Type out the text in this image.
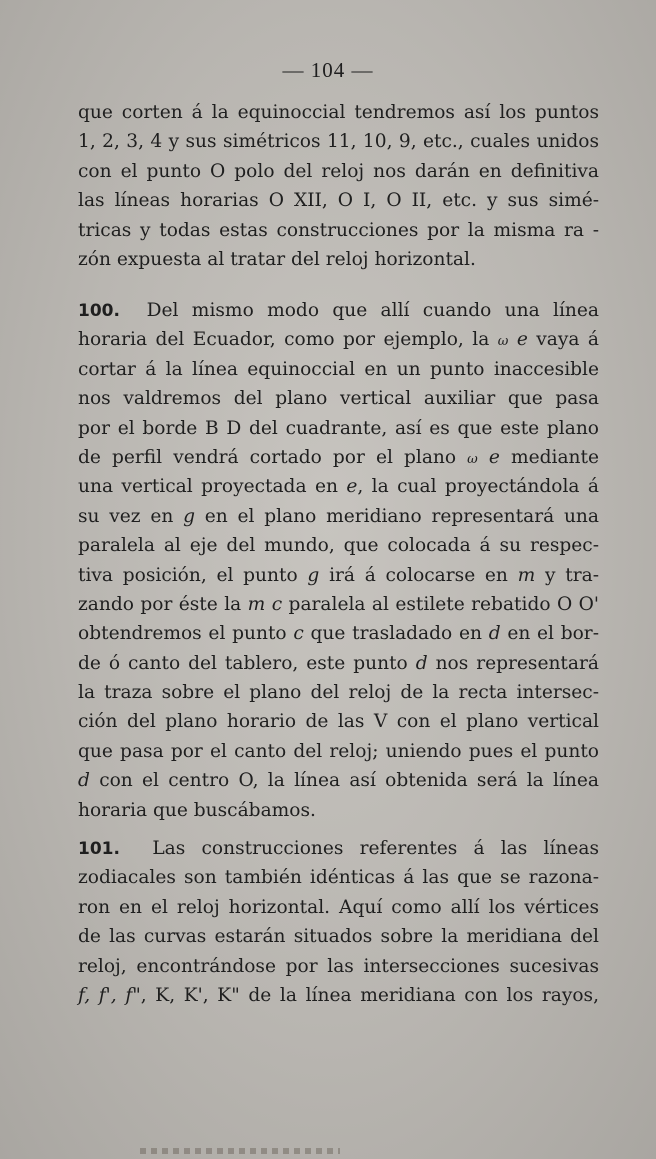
— 104 —
que corten á la equinoccial tendremos así los puntos
1, 2, 3, 4 y sus simétricos 11, 10, 9, etc., cuales unidos
con el punto O polo del reloj nos darán en definitiva
las líneas horarias O XII, O I, O II, etc. y sus simé-
tricas y todas estas construcciones por la misma ra -
zón expuesta al tratar del reloj horizontal.
100. Del mismo modo que allí cuando una línea
horaria del Ecuador, como por ejemplo, la ω e vaya á
cortar á la línea equinoccial en un punto inaccesible
nos valdremos del plano vertical auxiliar que pasa
por el borde B D del cuadrante, así es que este plano
de perfil vendrá cortado por el plano ω e mediante
una vertical proyectada en e, la cual proyectándola á
su vez en g en el plano meridiano representará una
paralela al eje del mundo, que colocada á su respec-
tiva posición, el punto g irá á colocarse en m y tra-
zando por éste la m c paralela al estilete rebatido O O'
obtendremos el punto c que trasladado en d en el bor-
de ó canto del tablero, este punto d nos representará
la traza sobre el plano del reloj de la recta intersec-
ción del plano horario de las V con el plano vertical
que pasa por el canto del reloj; uniendo pues el punto
d con el centro O, la línea así obtenida será la línea
horaria que buscábamos.
101. Las construcciones referentes á las líneas
zodiacales son también idénticas á las que se razona-
ron en el reloj horizontal. Aquí como allí los vértices
de las curvas estarán situados sobre la meridiana del
reloj, encontrándose por las intersecciones sucesivas
f, f', f", K, K', K" de la línea meridiana con los rayos,
